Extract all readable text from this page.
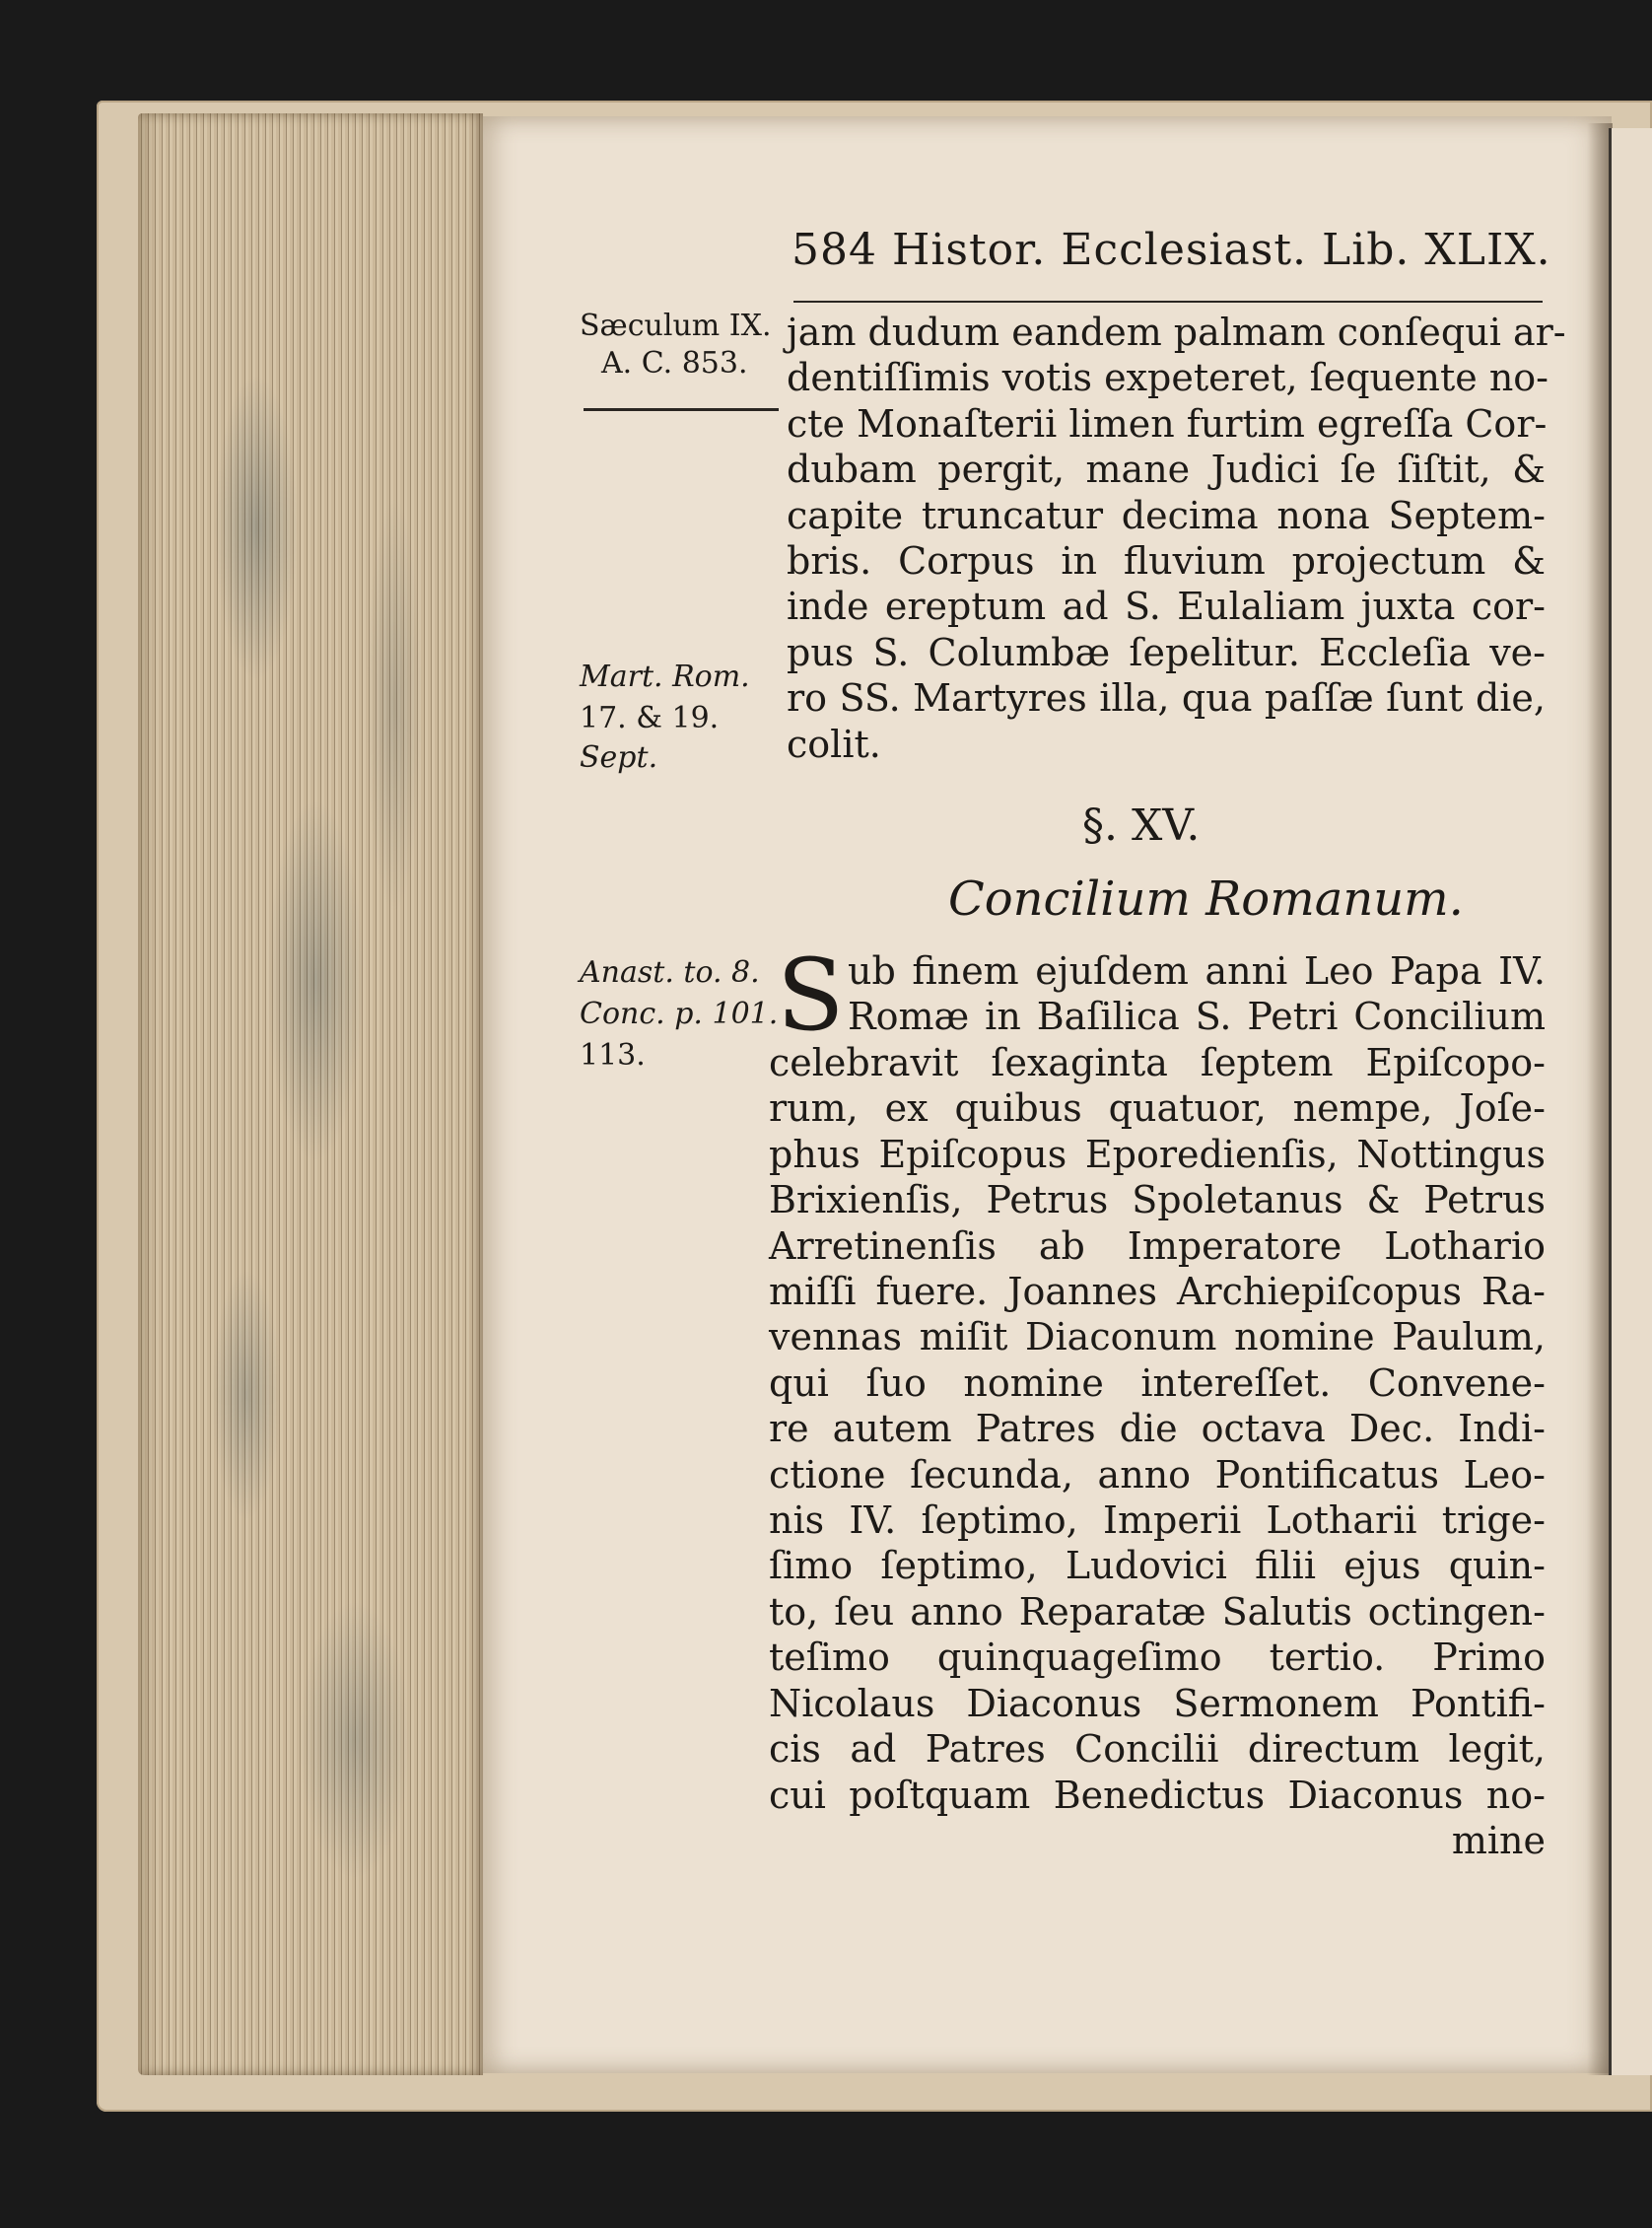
584 Histor. Ecclesiast. Lib. XLIX.
Sæculum IX.
A. C. 853.
Mart. Rom.
17. & 19.
Sept.
Anast. to. 8.
Conc. p. 101.
113.
jam dudum eandem palmam conſequi ar-
dentiſſimis votis expeteret, ſequente no-
cte Monaſterii limen furtim egreſſa Cor-
dubam pergit, mane Judici ſe ſiſtit, &
capite truncatur decima nona Septem-
bris. Corpus in fluvium projectum &
inde ereptum ad S. Eulaliam juxta cor-
pus S. Columbæ ſepelitur. Eccleſia ve-
ro SS. Martyres illa, qua paſſæ ſunt die,
colit.
§. XV.
Concilium Romanum.
S ub finem ejuſdem anni Leo Papa IV.
Romæ in Baſilica S. Petri Concilium
celebravit ſexaginta ſeptem Epiſcopo-
rum, ex quibus quatuor, nempe, Joſe-
phus Epiſcopus Eporedienſis, Nottingus
Brixienſis, Petrus Spoletanus & Petrus
Arretinenſis ab Imperatore Lothario
miſſi fuere. Joannes Archiepiſcopus Ra-
vennas miſit Diaconum nomine Paulum,
qui ſuo nomine intereſſet. Convene-
re autem Patres die octava Dec. Indi-
ctione ſecunda, anno Pontificatus Leo-
nis IV. ſeptimo, Imperii Lotharii trige-
ſimo ſeptimo, Ludovici filii ejus quin-
to, ſeu anno Reparatæ Salutis octingen-
teſimo quinquageſimo tertio. Primo
Nicolaus Diaconus Sermonem Pontifi-
cis ad Patres Concilii directum legit,
cui poſtquam Benedictus Diaconus no-
mine
